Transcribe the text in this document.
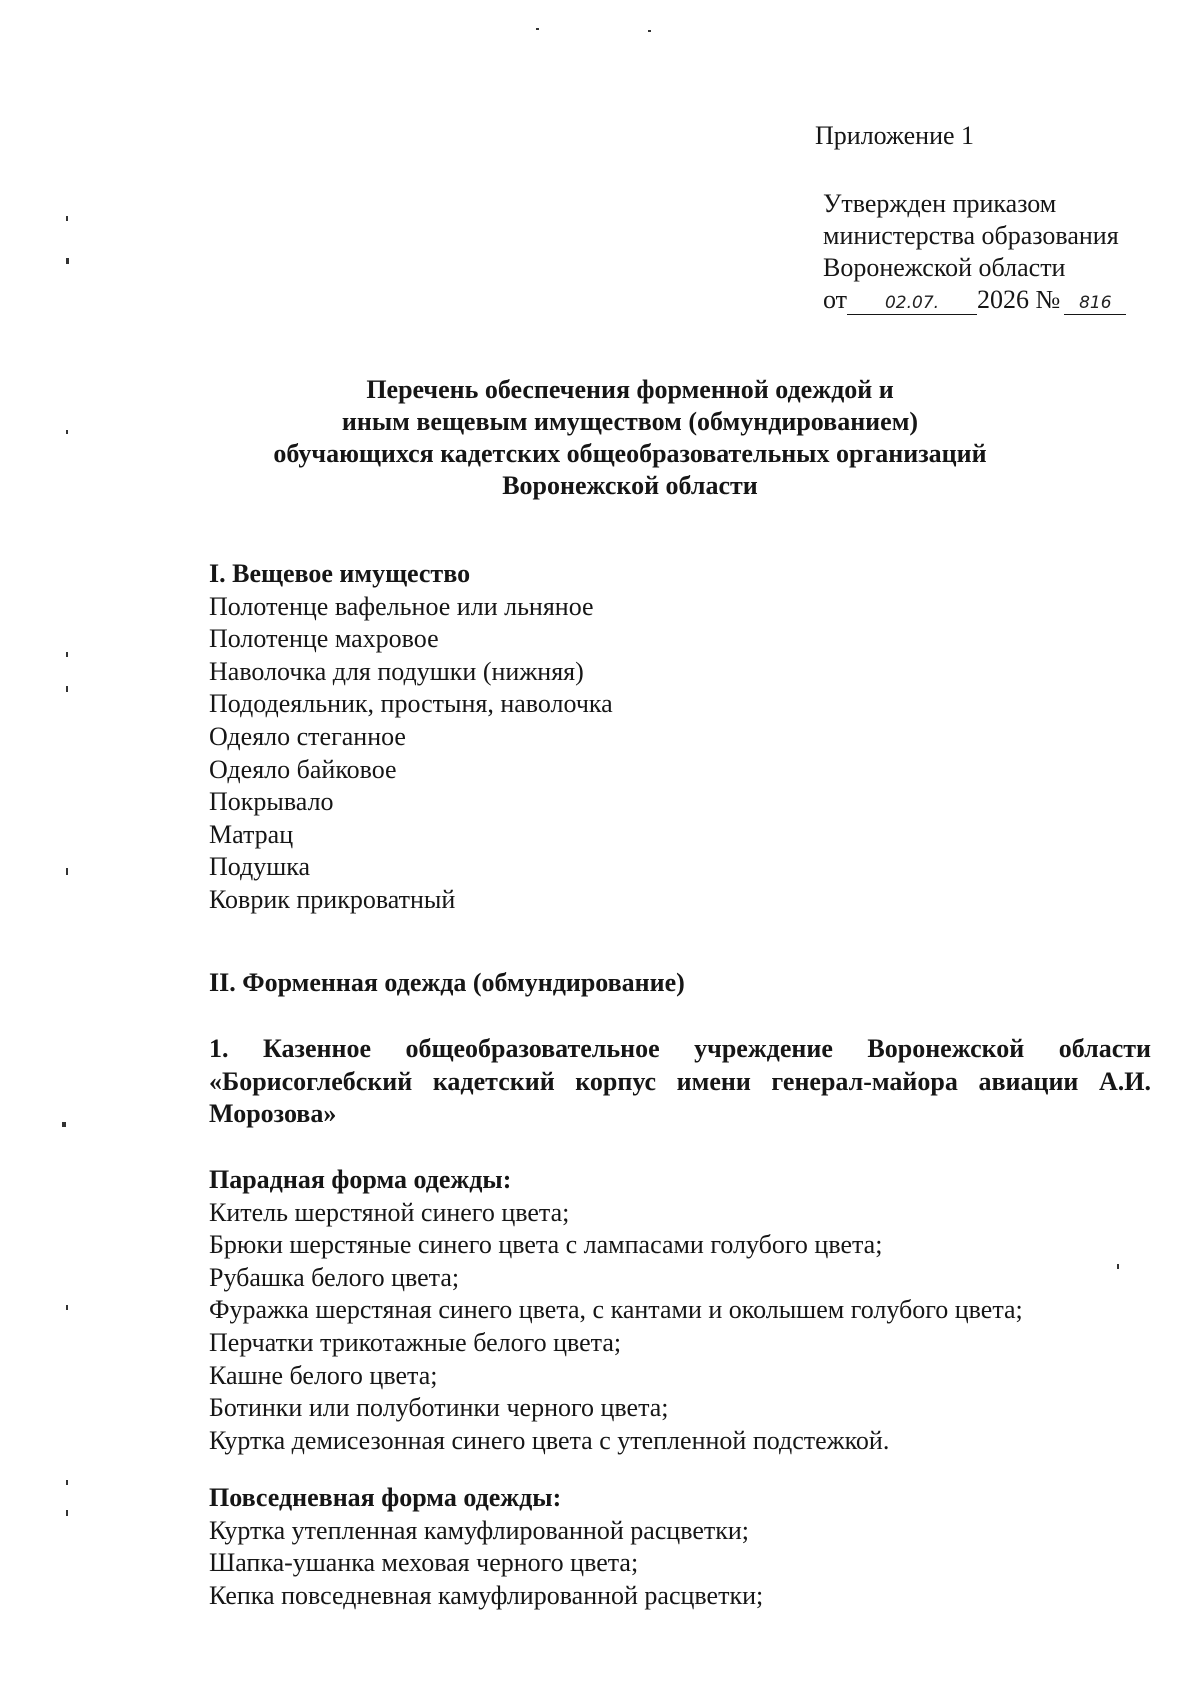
Приложение 1
Утвержден приказом
министерства образования
Воронежской области
от 02.07. 2026 № 816
Перечень обеспечения форменной одеждой и
иным вещевым имуществом (обмундированием)
обучающихся кадетских общеобразовательных организаций
Воронежской области
I. Вещевое имущество
Полотенце вафельное или льняное
Полотенце махровое
Наволочка для подушки (нижняя)
Пододеяльник, простыня, наволочка
Одеяло стеганное
Одеяло байковое
Покрывало
Матрац
Подушка
Коврик прикроватный
II. Форменная одежда (обмундирование)
1. Казенное общеобразовательное учреждение Воронежской области «Борисоглебский кадетский корпус имени генерал-майора авиации А.И. Морозова»
Парадная форма одежды:
Китель шерстяной синего цвета;
Брюки шерстяные синего цвета с лампасами голубого цвета;
Рубашка белого цвета;
Фуражка шерстяная синего цвета, с кантами и околышем голубого цвета;
Перчатки трикотажные белого цвета;
Кашне белого цвета;
Ботинки или полуботинки черного цвета;
Куртка демисезонная синего цвета с утепленной подстежкой.
Повседневная форма одежды:
Куртка утепленная камуфлированной расцветки;
Шапка-ушанка меховая черного цвета;
Кепка повседневная камуфлированной расцветки;
